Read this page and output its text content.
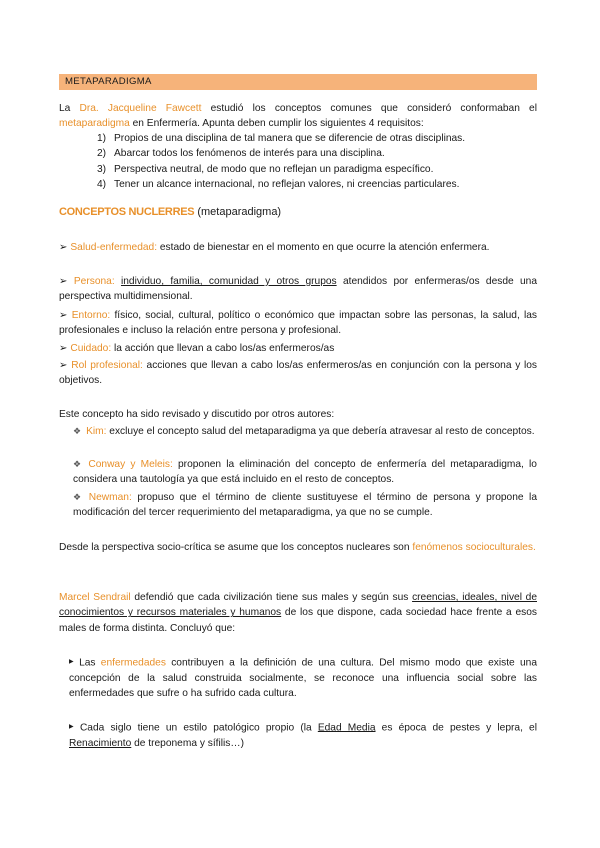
METAPARADIGMA
La Dra. Jacqueline Fawcett estudió los conceptos comunes que consideró conformaban el metaparadigma en Enfermería. Apunta deben cumplir los siguientes 4 requisitos:
1) Propios de una disciplina de tal manera que se diferencie de otras disciplinas.
2) Abarcar todos los fenómenos de interés para una disciplina.
3) Perspectiva neutral, de modo que no reflejan un paradigma específico.
4) Tener un alcance internacional, no reflejan valores, ni creencias particulares.
CONCEPTOS NUCLERRES (metaparadigma)
➢ Salud-enfermedad: estado de bienestar en el momento en que ocurre la atención enfermera.
➢ Persona: individuo, familia, comunidad y otros grupos atendidos por enfermeras/os desde una perspectiva multidimensional.
➢ Entorno: físico, social, cultural, político o económico que impactan sobre las personas, la salud, las profesionales e incluso la relación entre persona y profesional.
➢ Cuidado: la acción que llevan a cabo los/as enfermeros/as
➢ Rol profesional: acciones que llevan a cabo los/as enfermeros/as en conjunción con la persona y los objetivos.
Este concepto ha sido revisado y discutido por otros autores:
❖ Kim: excluye el concepto salud del metaparadigma ya que debería atravesar al resto de conceptos.
❖ Conway y Meleis: proponen la eliminación del concepto de enfermería del metaparadigma, lo considera una tautología ya que está incluido en el resto de conceptos.
❖ Newman: propuso que el término de cliente sustituyese el término de persona y propone la modificación del tercer requerimiento del metaparadigma, ya que no se cumple.
Desde la perspectiva socio-crítica se asume que los conceptos nucleares son fenómenos socioculturales.
Marcel Sendrail defendió que cada civilización tiene sus males y según sus creencias, ideales, nivel de conocimientos y recursos materiales y humanos de los que dispone, cada sociedad hace frente a esos males de forma distinta. Concluyó que:
▶ Las enfermedades contribuyen a la definición de una cultura. Del mismo modo que existe una concepción de la salud construida socialmente, se reconoce una influencia social sobre las enfermedades que sufre o ha sufrido cada cultura.
▶ Cada siglo tiene un estilo patológico propio (la Edad Media es época de pestes y lepra, el Renacimiento de treponema y sífilis…)
